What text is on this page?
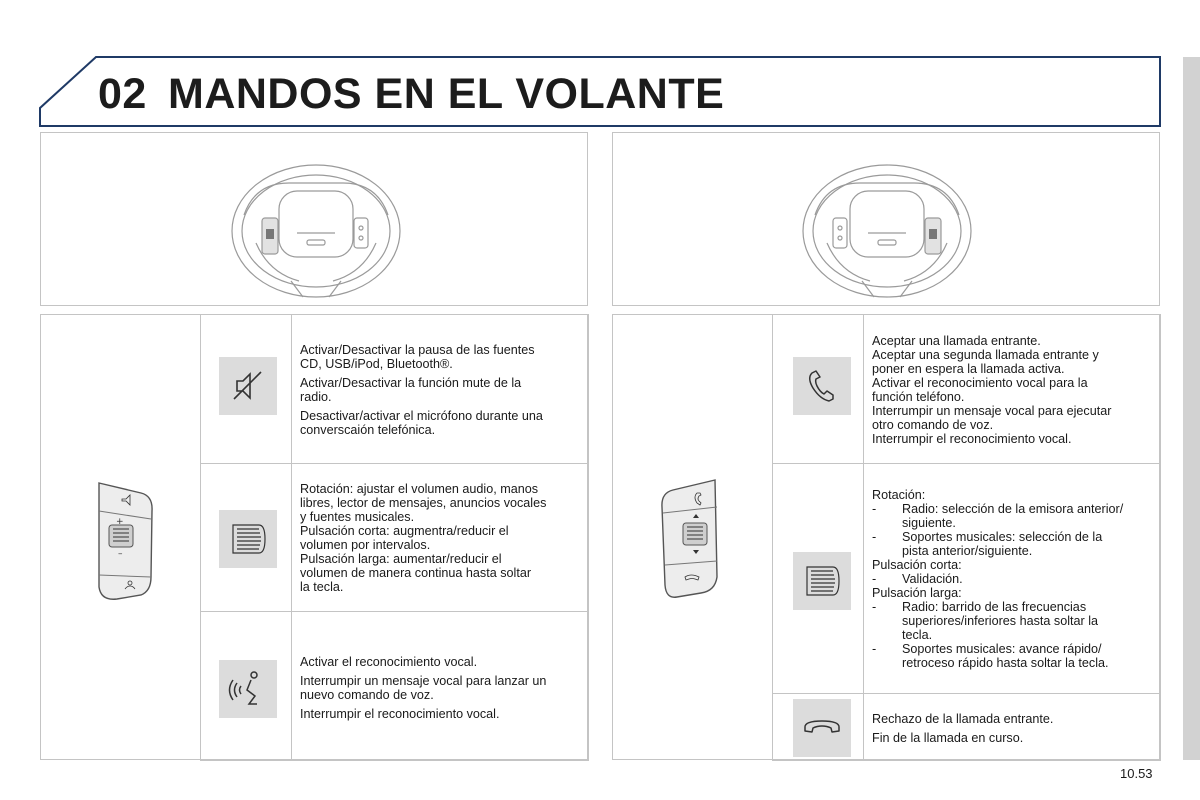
02 MANDOS EN EL VOLANTE
+
–

Activar/Desactivar la pausa de las fuentes

CD, USB/iPod, Bluetooth®.

Activar/Desactivar la función mute de la

radio.

Desactivar/activar el micrófono durante una

converscaión telefónica.

Rotación: ajustar el volumen audio, manos

libres, lector de mensajes, anuncios vocales

y fuentes musicales.

Pulsación corta: augmentra/reducir el

volumen por intervalos.

Pulsación larga: aumentar/reducir el

volumen de manera continua hasta soltar

la tecla.

Activar el reconocimiento vocal.

Interrumpir un mensaje vocal para lanzar un

nuevo comando de voz.

Interrumpir el reconocimiento vocal.

Aceptar una llamada entrante.

Aceptar una segunda llamada entrante y

poner en espera la llamada activa.

Activar el reconocimiento vocal para la

función teléfono.

Interrumpir un mensaje vocal para ejecutar

otro comando de voz.

Interrumpir el reconocimiento vocal.

Rotación:

- Radio: selección de la emisora anterior/

siguiente.

- Soportes musicales: selección de la

pista anterior/siguiente.

Pulsación corta:

- Validación.

Pulsación larga:

- Radio: barrido de las frecuencias

superiores/inferiores hasta soltar la

tecla.

- Soportes musicales: avance rápido/

retroceso rápido hasta soltar la tecla.

Rechazo de la llamada entrante.

Fin de la llamada en curso.

10.53
